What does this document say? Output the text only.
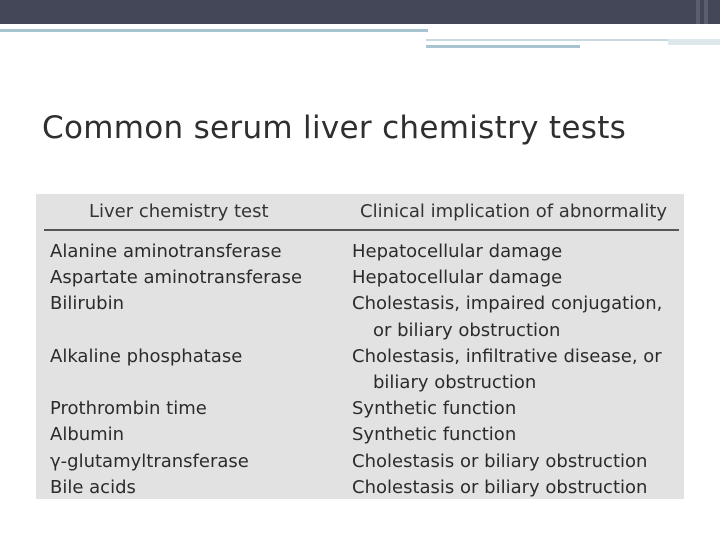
Common serum liver chemistry tests
Liver chemistry test	Clinical implication of abnormality
Alanine aminotransferase	Hepatocellular damage
Aspartate aminotransferase	Hepatocellular damage
Bilirubin	Cholestasis, impaired conjugation,
or biliary obstruction
Alkaline phosphatase	Cholestasis, infiltrative disease, or
biliary obstruction
Prothrombin time	Synthetic function
Albumin	Synthetic function
γ-glutamyltransferase	Cholestasis or biliary obstruction
Bile acids	Cholestasis or biliary obstruction
